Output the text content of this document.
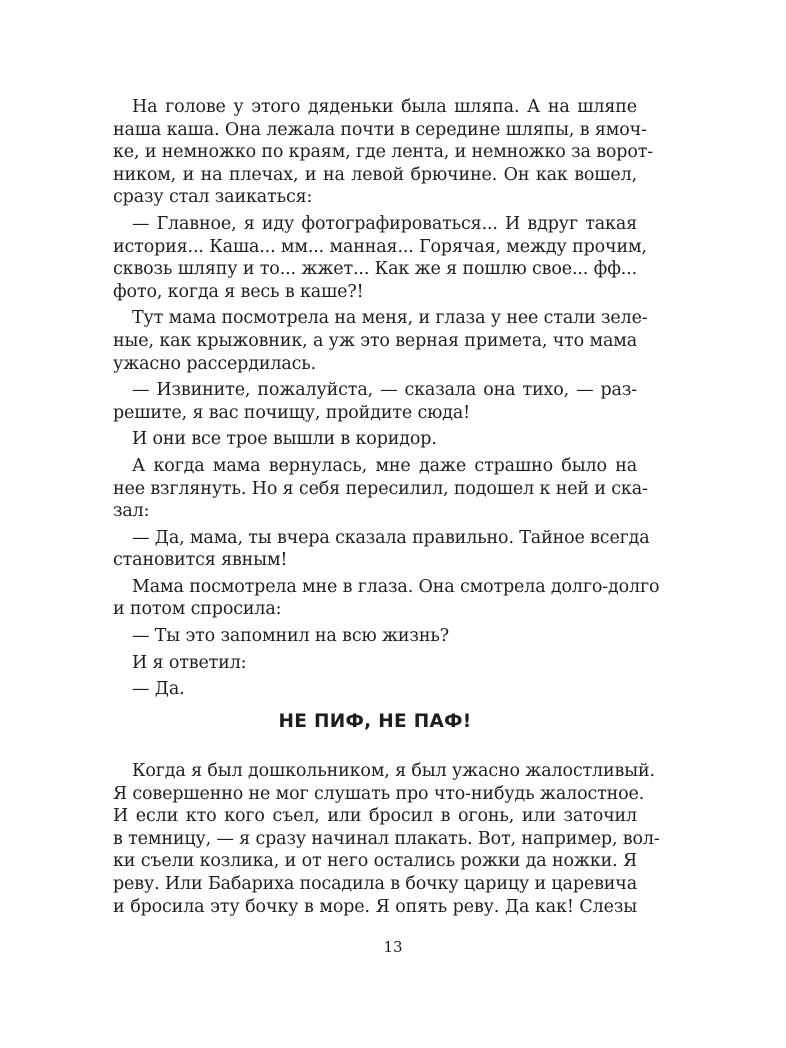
На голове у этого дяденьки была шляпа. А на шляпе
наша каша. Она лежала почти в середине шляпы, в ямоч-
ке, и немножко по краям, где лента, и немножко за ворот-
ником, и на плечах, и на левой брючине. Он как вошел,
сразу стал заикаться:
— Главное, я иду фотографироваться... И вдруг такая
история... Каша... мм... манная... Горячая, между прочим,
сквозь шляпу и то... жжет... Как же я пошлю свое... фф...
фото, когда я весь в каше?!
Тут мама посмотрела на меня, и глаза у нее стали зеле-
ные, как крыжовник, а уж это верная примета, что мама
ужасно рассердилась.
— Извините, пожалуйста, — сказала она тихо, — раз-
решите, я вас почищу, пройдите сюда!
И они все трое вышли в коридор.
А когда мама вернулась, мне даже страшно было на
нее взглянуть. Но я себя пересилил, подошел к ней и ска-
зал:
— Да, мама, ты вчера сказала правильно. Тайное всегда
становится явным!
Мама посмотрела мне в глаза. Она смотрела долго-долго
и потом спросила:
— Ты это запомнил на всю жизнь?
И я ответил:
— Да.
НЕ ПИФ, НЕ ПАФ!
Когда я был дошкольником, я был ужасно жалостливый.
Я совершенно не мог слушать про что-нибудь жалостное.
И если кто кого съел, или бросил в огонь, или заточил
в темницу, — я сразу начинал плакать. Вот, например, вол-
ки съели козлика, и от него остались рожки да ножки. Я
реву. Или Бабариха посадила в бочку царицу и царевича
и бросила эту бочку в море. Я опять реву. Да как! Слезы
13
